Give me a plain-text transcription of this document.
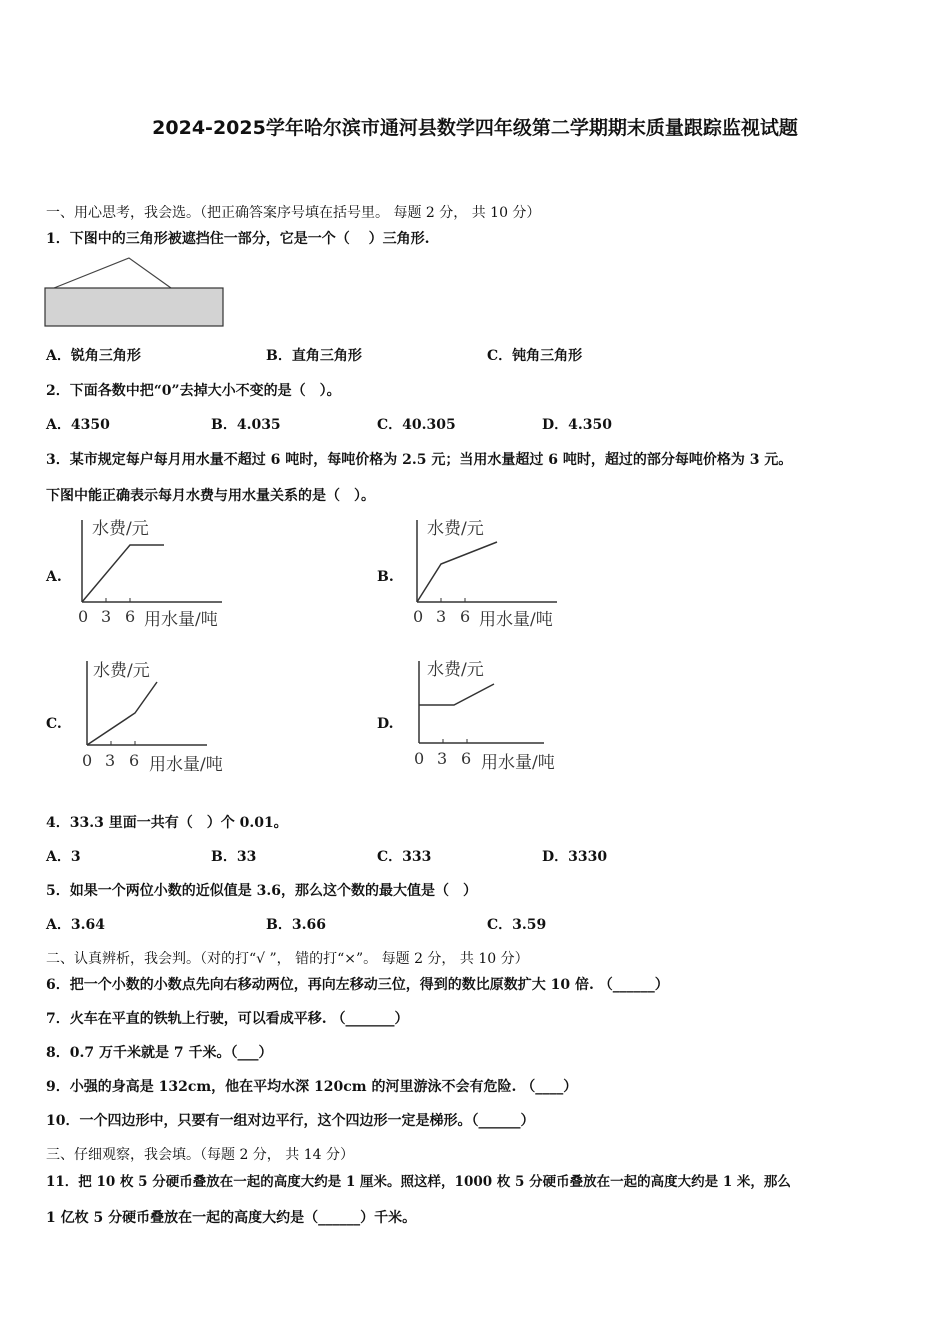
2024-2025学年哈尔滨市通河县数学四年级第二学期期末质量跟踪监视试题
一、用心思考，我会选。（把正确答案序号填在括号里。 每题 2 分， 共 10 分）
1．下图中的三角形被遮挡住一部分，它是一个（　 ）三角形.
A．锐角三角形	B．直角三角形	C．钝角三角形
2．下面各数中把“0”去掉大小不变的是（　）。
A．4350	B．4.035	C．40.305	D．4.350
3．某市规定每户每月用水量不超过 6 吨时，每吨价格为 2.5 元；当用水量超过 6 吨时，超过的部分每吨价格为 3 元。
下图中能正确表示每月水费与用水量关系的是（　）。
A.
水费/元
0 3 6 用水量/吨
B.
水费/元
0 3 6 用水量/吨
C.
水费/元
0 3 6 用水量/吨
D.
水费/元
0 3 6 用水量/吨
4．33.3 里面一共有（　）个 0.01。
A．3	B．33	C．333	D．3330
5．如果一个两位小数的近似值是 3.6，那么这个数的最大值是（　）
A．3.64	B．3.66	C．3.59
二、认真辨析，我会判。（对的打“√ ”， 错的打“×”。 每题 2 分， 共 10 分）
6．把一个小数的小数点先向右移动两位，再向左移动三位，得到的数比原数扩大 10 倍. （______）
7．火车在平直的铁轨上行驶，可以看成平移. （_______）
8．0.7 万千米就是 7 千米。（___）
9．小强的身高是 132cm，他在平均水深 120cm 的河里游泳不会有危险. （____）
10．一个四边形中，只要有一组对边平行，这个四边形一定是梯形。（______）
三、仔细观察，我会填。（每题 2 分， 共 14 分）
11．把 10 枚 5 分硬币叠放在一起的高度大约是 1 厘米。照这样，1000 枚 5 分硬币叠放在一起的高度大约是 1 米，那么
1 亿枚 5 分硬币叠放在一起的高度大约是（______）千米。
